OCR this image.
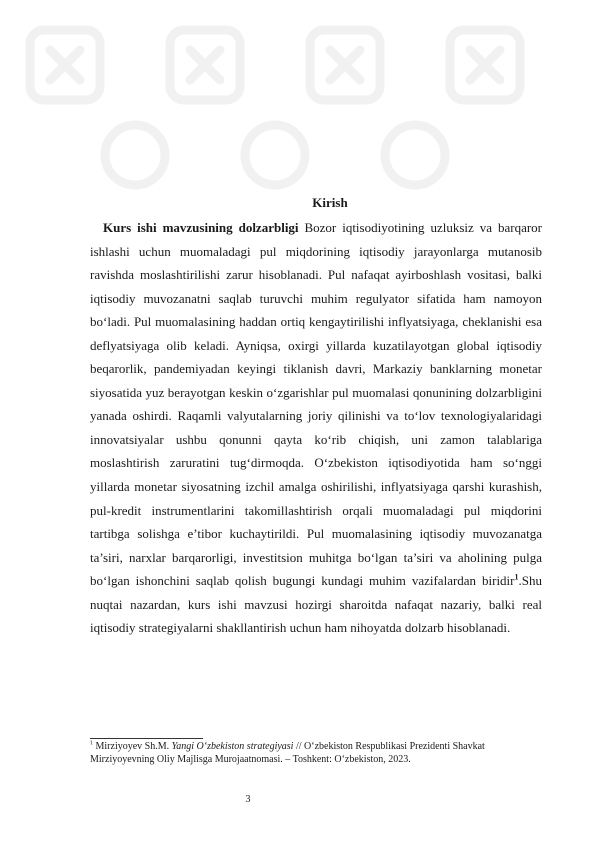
Kirish

Kurs ishi mavzusining dolzarbligi Bozor iqtisodiyotining uzluksiz va barqaror ishlashi uchun muomaladagi pul miqdorining iqtisodiy jarayonlarga mutanosib ravishda moslashtirilishi zarur hisoblanadi. Pul nafaqat ayirboshlash vositasi, balki iqtisodiy muvozanatni saqlab turuvchi muhim regulyator sifatida ham namoyon bo‘ladi. Pul muomalasining haddan ortiq kengaytirilishi inflyatsiyaga, cheklanishi esa deflyatsiyaga olib keladi. Ayniqsa, oxirgi yillarda kuzatilayotgan global iqtisodiy beqarorlik, pandemiyadan keyingi tiklanish davri, Markaziy banklarning monetar siyosatida yuz berayotgan keskin o‘zgarishlar pul muomalasi qonunining dolzarbligini yanada oshirdi. Raqamli valyutalarning joriy qilinishi va to‘lov texnologiyalaridagi innovatsiyalar ushbu qonunni qayta ko‘rib chiqish, uni zamon talablariga moslashtirish zaruratini tug‘dirmoqda. O‘zbekiston iqtisodiyotida ham so‘nggi yillarda monetar siyosatning izchil amalga oshirilishi, inflyatsiyaga qarshi kurashish, pul-kredit instrumentlarini takomillashtirish orqali muomaladagi pul miqdorini tartibga solishga e’tibor kuchaytirildi. Pul muomalasining iqtisodiy muvozanatga ta’siri, narxlar barqarorligi, investitsion muhitga bo‘lgan ta’siri va aholining pulga bo‘lgan ishonchini saqlab qolish bugungi kundagi muhim vazifalardan biridir$^1$.Shu nuqtai nazardan, kurs ishi mavzusi hozirgi sharoitda nafaqat nazariy, balki real iqtisodiy strategiyalarni shakllantirish uchun ham nihoyatda dolzarb hisoblanadi.

$^1$ Mirziyoyev Sh.M. Yangi O‘zbekiston strategiyasi // O‘zbekiston Respublikasi Prezidenti Shavkat Mirziyoyevning Oliy Majlisga Murojaatnomasi. – Toshkent: O‘zbekiston, 2023.

3
